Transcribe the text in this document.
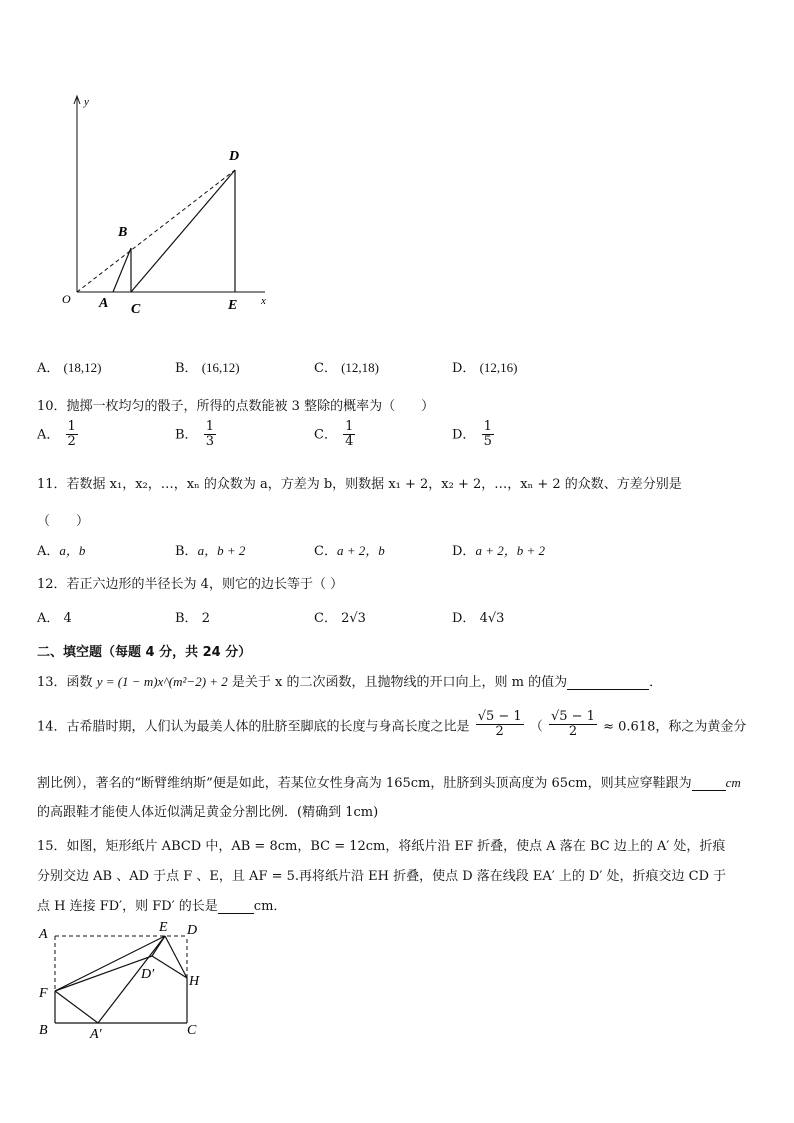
y
x
O A
B
C
D
E
A． (18,12)	B． (16,12)	C． (12,18)	D． (12,16)
10．抛掷一枚均匀的骰子，所得的点数能被 3 整除的概率为（　　）
A． $\frac{1}{2}$	B． $\frac{1}{3}$	C． $\frac{1}{4}$	D． $\frac{1}{5}$
11．若数据 x₁，x₂，…，xₙ 的众数为 a，方差为 b，则数据 x₁ + 2，x₂ + 2，…，xₙ + 2 的众数、方差分别是
（　　）
A．a，b	B．a，b + 2	C．a + 2，b	D．a + 2，b + 2
12．若正六边形的半径长为 4，则它的边长等于（ ）
A． 4	B． 2	C． 2√3	D． 4√3
二、填空题（每题 4 分，共 24 分）
13．函数 y = (1 − m)x^(m²−2) + 2 是关于 x 的二次函数，且抛物线的开口向上，则 m 的值为	．
14．古希腊时期，人们认为最美人体的肚脐至脚底的长度与身高长度之比是 $\frac{√5 - 1}{2}$ （ $\frac{√5 - 1}{2} \approx 0.618$，称之为黄金分
割比例），著名的“断臂维纳斯”便是如此，若某位女性身高为 165cm，肚脐到头顶高度为 65cm，则其应穿鞋跟为	cm
的高跟鞋才能使人体近似满足黄金分割比例．(精确到 1cm)
15．如图，矩形纸片 ABCD 中，AB = 8cm，BC = 12cm，将纸片沿 EF 折叠，使点 A 落在 BC 边上的 A′ 处，折痕
分别交边 AB 、AD 于点 F 、E，且 AF = 5.再将纸片沿 EH 折叠，使点 D 落在线段 EA′ 上的 D′ 处，折痕交边 CD 于
点 H 连接 FD′，则 FD′ 的长是	cm．
A	E D
D′ H
F
B	A′	C
